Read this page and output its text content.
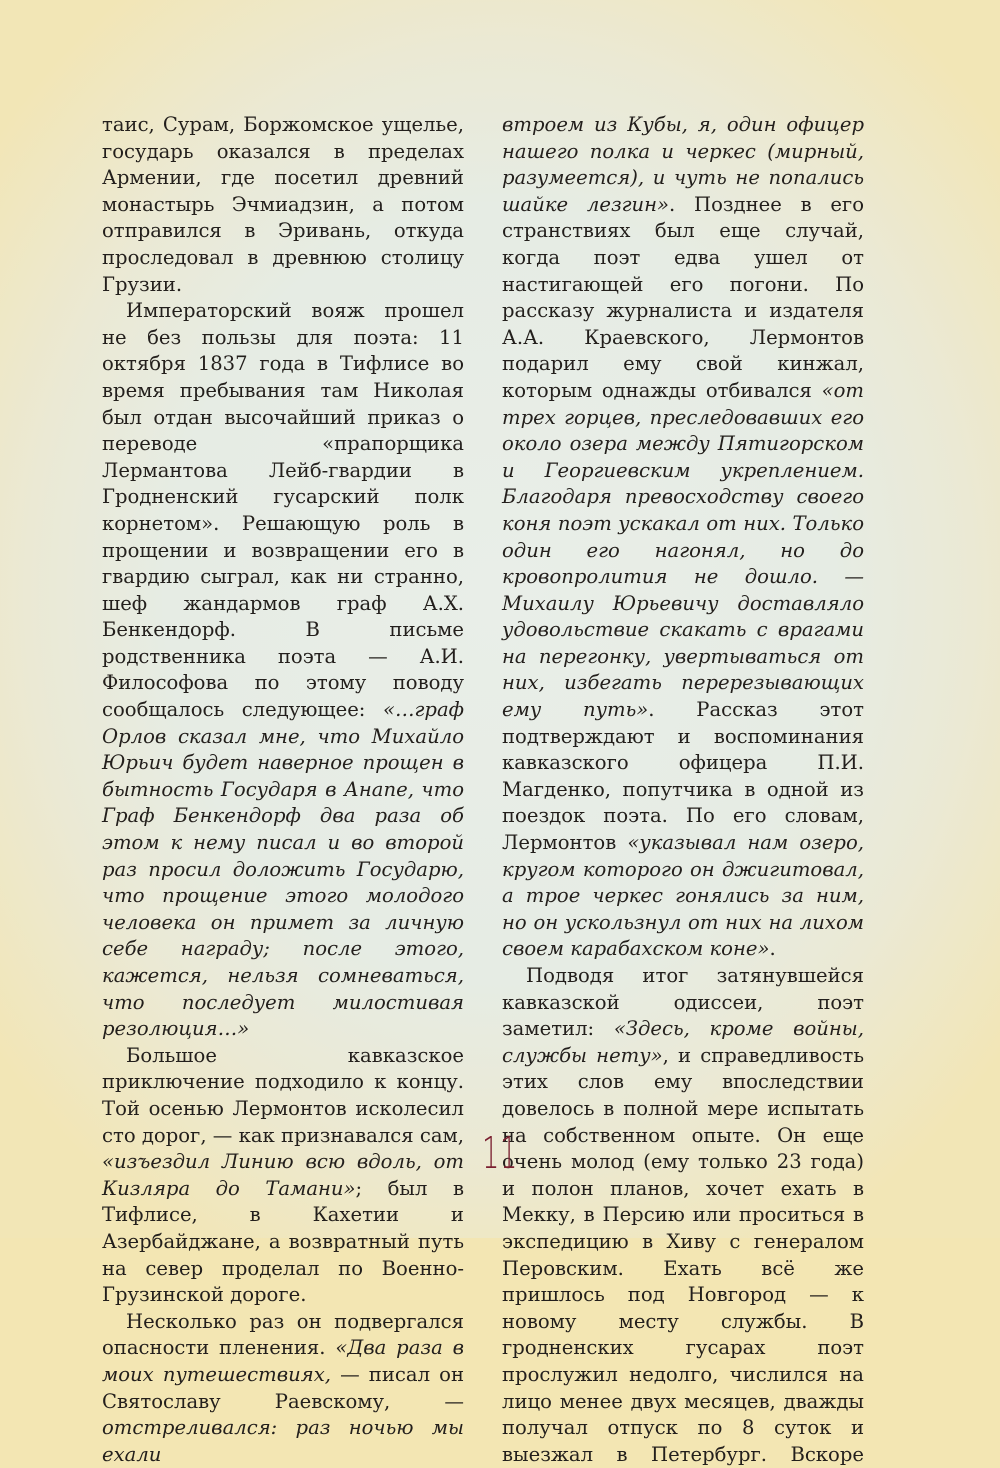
таис, Сурам, Боржомское ущелье, государь оказался в пределах Армении, где посетил древний монастырь Эчмиадзин, а потом отправился в Эривань, откуда проследовал в древнюю столицу Грузии.

Императорский вояж прошел не без пользы для поэта: 11 октября 1837 года в Тифлисе во время пребывания там Николая был отдан высочайший приказ о переводе «прапорщика Лермантова Лейб-гвардии в Гродненский гусарский полк корнетом». Решающую роль в прощении и возвращении его в гвардию сыграл, как ни странно, шеф жандармов граф А.Х. Бенкендорф. В письме родственника поэта — А.И. Философова по этому поводу сообщалось следующее: «…граф Орлов сказал мне, что Михайло Юрьич будет наверное прощен в бытность Государя в Анапе, что Граф Бенкендорф два раза об этом к нему писал и во второй раз просил доложить Государю, что прощение этого молодого человека он примет за личную себе награду; после этого, кажется, нельзя сомневаться, что последует милостивая резолюция…»

Большое кавказское приключение подходило к концу. Той осенью Лермонтов исколесил сто дорог, — как признавался сам, «изъездил Линию всю вдоль, от Кизляра до Тамани»; был в Тифлисе, в Кахетии и Азербайджане, а возвратный путь на север проделал по Военно-Грузинской дороге.

Несколько раз он подвергался опасности пленения. «Два раза в моих путешествиях, — писал он Святославу Раевскому, — отстреливался: раз ночью мы ехали

втроем из Кубы, я, один офицер нашего полка и черкес (мирный, разумеется), и чуть не попались шайке лезгин». Позднее в его странствиях был еще случай, когда поэт едва ушел от настигающей его погони. По рассказу журналиста и издателя А.А. Краевского, Лермонтов подарил ему свой кинжал, которым однажды отбивался «от трех горцев, преследовавших его около озера между Пятигорском и Георгиевским укреплением. Благодаря превосходству своего коня поэт ускакал от них. Только один его нагонял, но до кровопролития не дошло. — Михаилу Юрьевичу доставляло удовольствие скакать с врагами на перегонку, увертываться от них, избегать перерезывающих ему путь». Рассказ этот подтверждают и воспоминания кавказского офицера П.И. Магденко, попутчика в одной из поездок поэта. По его словам, Лермонтов «указывал нам озеро, кругом которого он джигитовал, а трое черкес гонялись за ним, но он ускользнул от них на лихом своем карабахском коне».

Подводя итог затянувшейся кавказской одиссеи, поэт заметил: «Здесь, кроме войны, службы нету», и справедливость этих слов ему впоследствии довелось в полной мере испытать на собственном опыте. Он еще очень молод (ему только 23 года) и полон планов, хочет ехать в Мекку, в Персию или проситься в экспедицию в Хиву с генералом Перовским. Ехать всё же пришлось под Новгород — к новому месту службы. В гродненских гусарах поэт прослужил недолго, числился на лицо менее двух месяцев, дважды получал отпуск по 8 суток и выезжал в Петербург. Вскоре

11
